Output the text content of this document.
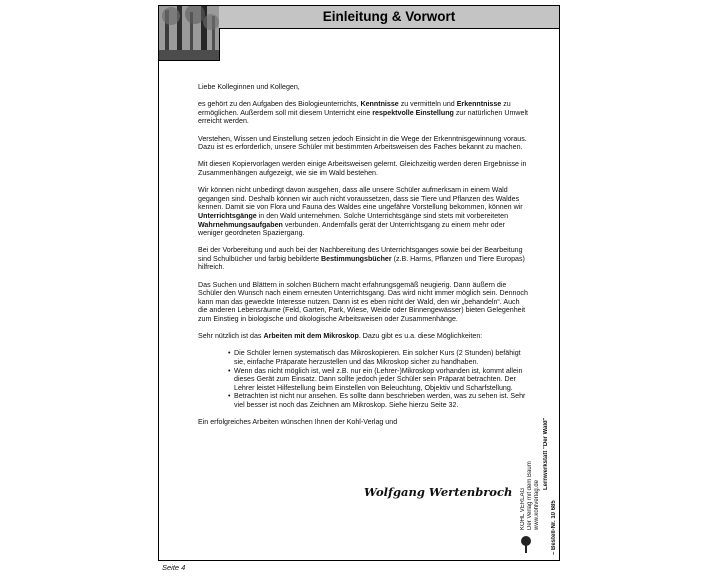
Einleitung & Vorwort

Liebe Kolleginnen und Kollegen,

es gehört zu den Aufgaben des Biologieunterrichts, Kenntnisse zu vermitteln und Erkenntnisse zu ermöglichen. Außerdem soll mit diesem Unterricht eine respektvolle Einstellung zur natürlichen Umwelt erreicht werden.

Verstehen, Wissen und Einstellung setzen jedoch Einsicht in die Wege der Erkenntnisgewinnung voraus. Dazu ist es erforderlich, unsere Schüler mit bestimmten Arbeitsweisen des Faches bekannt zu machen.

Mit diesen Kopiervorlagen werden einige Arbeitsweisen gelernt. Gleichzeitig werden deren Ergebnisse in Zusammenhängen aufgezeigt, wie sie im Wald bestehen.

Wir können nicht unbedingt davon ausgehen, dass alle unsere Schüler aufmerksam in einem Wald gegangen sind. Deshalb können wir auch nicht voraussetzen, dass sie Tiere und Pflanzen des Waldes kennen. Damit sie von Flora und Fauna des Waldes eine ungefähre Vorstellung bekommen, können wir Unterrichtsgänge in den Wald unternehmen. Solche Unterrichtsgänge sind stets mit vorbereiteten Wahrnehmungsaufgaben verbunden. Andernfalls gerät der Unterrichtsgang zu einem mehr oder weniger geordneten Spaziergang.

Bei der Vorbereitung und auch bei der Nachbereitung des Unterrichtsganges sowie bei der Bearbeitung sind Schulbücher und farbig bebilderte Bestimmungsbücher (z.B. Harms, Pflanzen und Tiere Europas) hilfreich.

Das Suchen und Blättern in solchen Büchern macht erfahrungsgemäß neugierig. Dann äußern die Schüler den Wunsch nach einem erneuten Unterrichtsgang. Das wird nicht immer möglich sein. Dennoch kann man das geweckte Interesse nutzen. Dann ist es eben nicht der Wald, den wir „behandeln“. Auch die anderen Lebensräume (Feld, Garten, Park, Wiese, Weide oder Binnengewässer) bieten Gelegenheit zum Einstieg in biologische und ökologische Arbeitsweisen oder Zusammenhänge.

Sehr nützlich ist das Arbeiten mit dem Mikroskop. Dazu gibt es u.a. diese Möglichkeiten:

• Die Schüler lernen systematisch das Mikroskopieren. Ein solcher Kurs (2 Stunden) befähigt sie, einfache Präparate herzustellen und das Mikroskop sicher zu handhaben.
• Wenn das nicht möglich ist, weil z.B. nur ein (Lehrer-)Mikroskop vorhanden ist, kommt allein dieses Gerät zum Einsatz. Dann sollte jedoch jeder Schüler sein Präparat betrachten. Der Lehrer leistet Hilfestellung beim Einstellen von Beleuchtung, Objektiv und Scharfstellung.
• Betrachten ist nicht nur ansehen. Es sollte dann beschrieben werden, was zu sehen ist. Sehr viel besser ist noch das Zeichnen am Mikroskop. Siehe hierzu Seite 32.

Ein erfolgreiches Arbeiten wünschen Ihnen der Kohl-Verlag und

Wolfgang Wertenbroch KOHL VERLAG Der Verlag mit dem Baum www.kohlverlag.de
Lernwerkstatt "Der Wald"
– Bestell-Nr. 10 685
Seite 4
